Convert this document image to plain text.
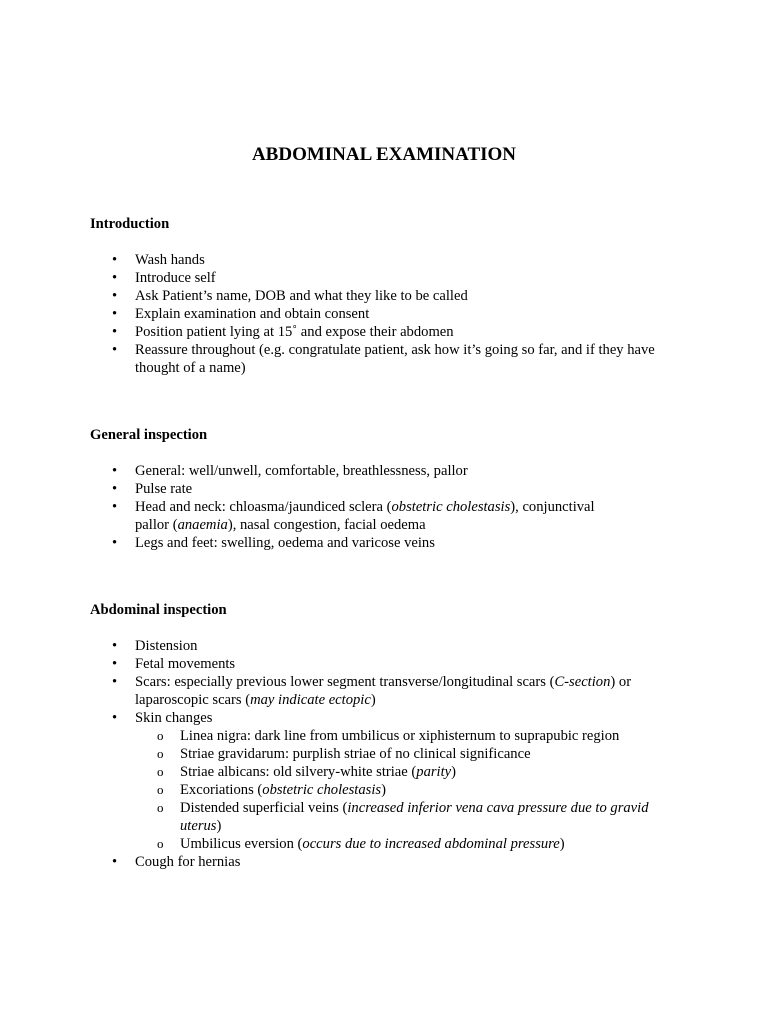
ABDOMINAL EXAMINATION
Introduction
• Wash hands
• Introduce self
• Ask Patient’s name, DOB and what they like to be called
• Explain examination and obtain consent
• Position patient lying at 15˚ and expose their abdomen
• Reassure throughout (e.g. congratulate patient, ask how it’s going so far, and if they have thought of a name)
General inspection
• General: well/unwell, comfortable, breathlessness, pallor
• Pulse rate
• Head and neck: chloasma/jaundiced sclera (obstetric cholestasis), conjunctival pallor (anaemia), nasal congestion, facial oedema
• Legs and feet: swelling, oedema and varicose veins
Abdominal inspection
• Distension
• Fetal movements
• Scars: especially previous lower segment transverse/longitudinal scars (C-section) or laparoscopic scars (may indicate ectopic)
• Skin changes
o Linea nigra: dark line from umbilicus or xiphisternum to suprapubic region
o Striae gravidarum: purplish striae of no clinical significance
o Striae albicans: old silvery-white striae (parity)
o Excoriations (obstetric cholestasis)
o Distended superficial veins (increased inferior vena cava pressure due to gravid uterus)
o Umbilicus eversion (occurs due to increased abdominal pressure)
• Cough for hernias
